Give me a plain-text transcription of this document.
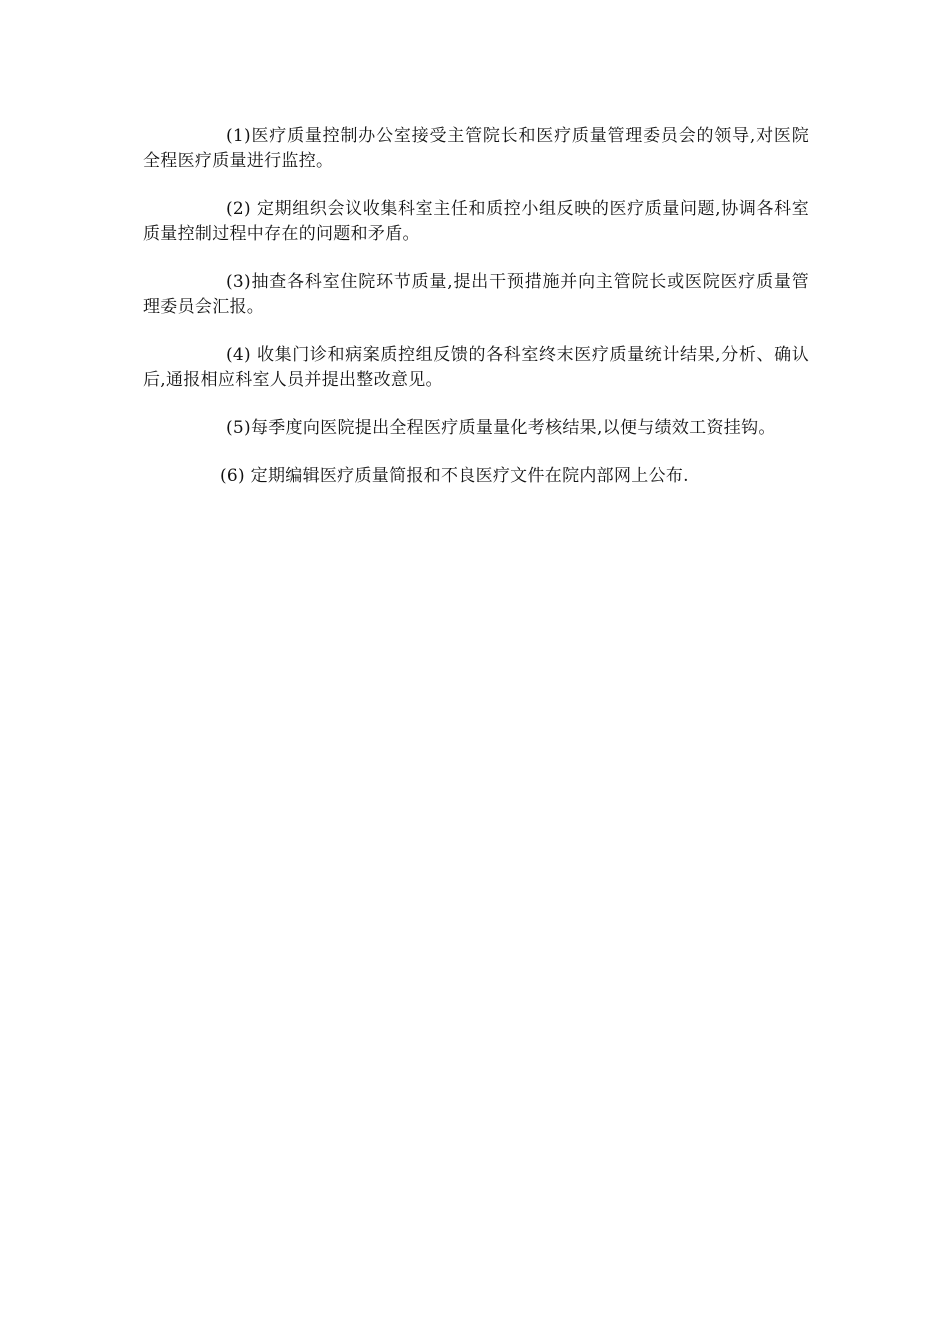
(1)医疗质量控制办公室接受主管院长和医疗质量管理委员会的领导,对医院全程医疗质量进行监控。

(2) 定期组织会议收集科室主任和质控小组反映的医疗质量问题,协调各科室质量控制过程中存在的问题和矛盾。

(3)抽查各科室住院环节质量,提出干预措施并向主管院长或医院医疗质量管理委员会汇报。

(4) 收集门诊和病案质控组反馈的各科室终末医疗质量统计结果,分析、确认后,通报相应科室人员并提出整改意见。

(5)每季度向医院提出全程医疗质量量化考核结果,以便与绩效工资挂钩。

(6) 定期编辑医疗质量简报和不良医疗文件在院内部网上公布.
